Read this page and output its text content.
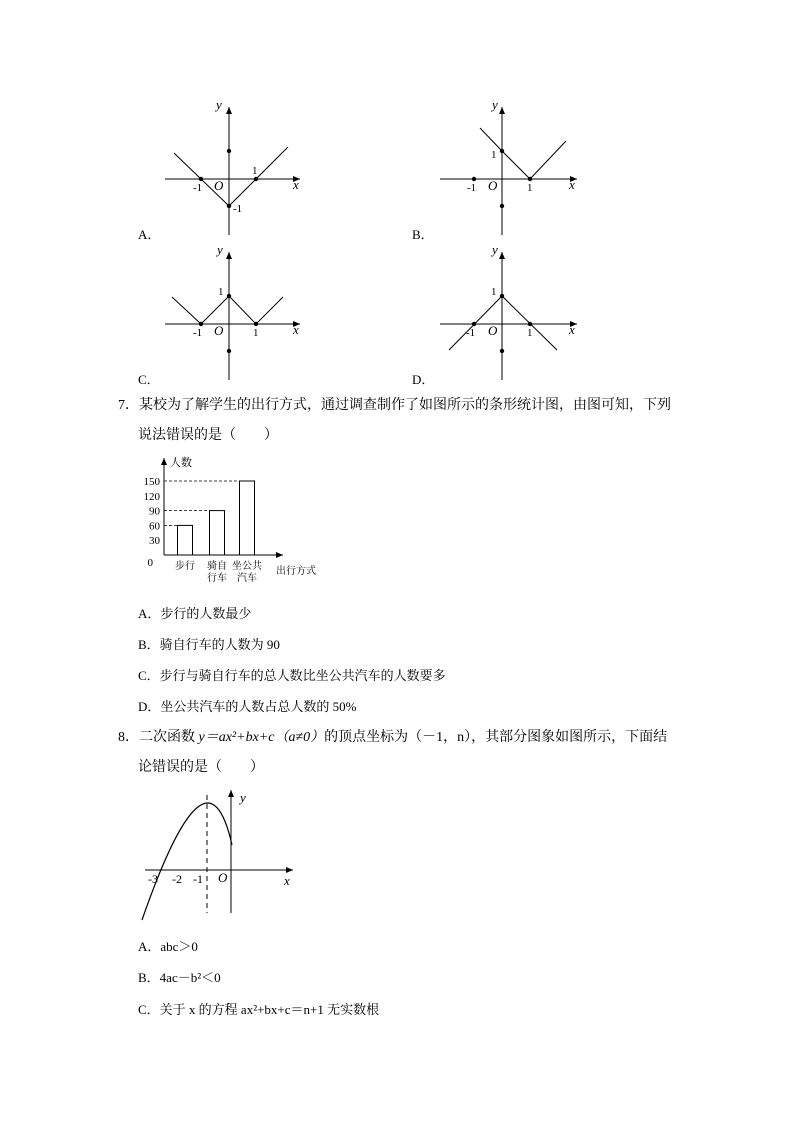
y
x
O
-1
1
-1
A．
y
x
O
1
-1	1
B．
y
x
O
1
-1	1
C．
y
x
O
1
-1	1
D．
7．某校为了解学生的出行方式，通过调查制作了如图所示的条形统计图，由图可知，下列
说法错误的是（　　）
人数
出行方式
150
120
90
60
30
0 步行 骑自
行车
坐公共
汽车
A．步行的人数最少
B．骑自行车的人数为 90
C．步行与骑自行车的总人数比坐公共汽车的人数要多
D．坐公共汽车的人数占总人数的 50%
8．二次函数 y＝ax²+bx+c（a≠0）的顶点坐标为（－1，n），其部分图象如图所示，下面结
论错误的是（　　）
y
x
O
-3 -2 -1
A．abc＞0
B．4ac－b²＜0
C．关于 x 的方程 ax²+bx+c＝n+1 无实数根
